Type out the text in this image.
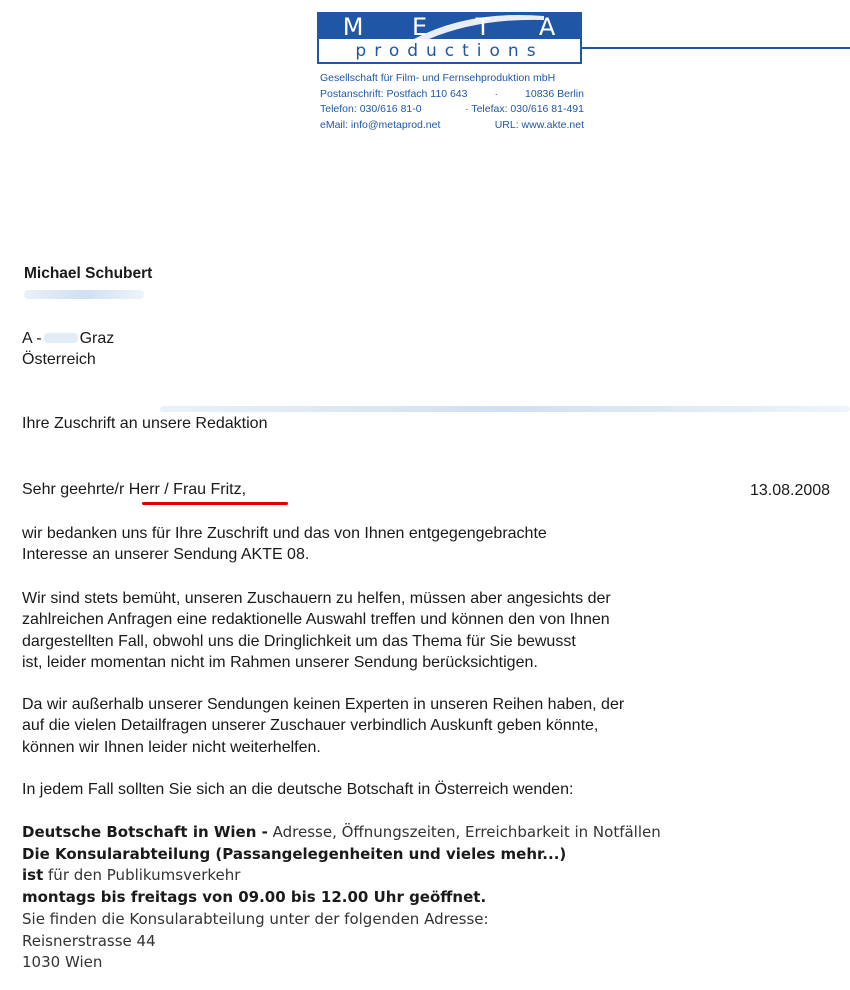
M E T A
productions
Gesellschaft für Film- und Fernsehproduktion mbH
Postanschrift: Postfach 110 643	·	10836 Berlin
Telefon: 030/616 81-0	· Telefax: 030/616 81-491
eMail: info@metaprod.net	URL: www.akte.net
Michael Schubert
A - Graz
Österreich
Ihre Zuschrift an unsere Redaktion
Sehr geehrte/r Herr / Frau Fritz,	13.08.2008
wir bedanken uns für Ihre Zuschrift und das von Ihnen entgegengebrachte
Interesse an unserer Sendung AKTE 08.
Wir sind stets bemüht, unseren Zuschauern zu helfen, müssen aber angesichts der
zahlreichen Anfragen eine redaktionelle Auswahl treffen und können den von Ihnen
dargestellten Fall, obwohl uns die Dringlichkeit um das Thema für Sie bewusst
ist, leider momentan nicht im Rahmen unserer Sendung berücksichtigen.
Da wir außerhalb unserer Sendungen keinen Experten in unseren Reihen haben, der
auf die vielen Detailfragen unserer Zuschauer verbindlich Auskunft geben könnte,
können wir Ihnen leider nicht weiterhelfen.
In jedem Fall sollten Sie sich an die deutsche Botschaft in Österreich wenden:
Deutsche Botschaft in Wien - Adresse, Öffnungszeiten, Erreichbarkeit in Notfällen
Die Konsularabteilung (Passangelegenheiten und vieles mehr...)
ist für den Publikumsverkehr
montags bis freitags von 09.00 bis 12.00 Uhr geöffnet.
Sie finden die Konsularabteilung unter der folgenden Adresse:
Reisnerstrasse 44
1030 Wien
